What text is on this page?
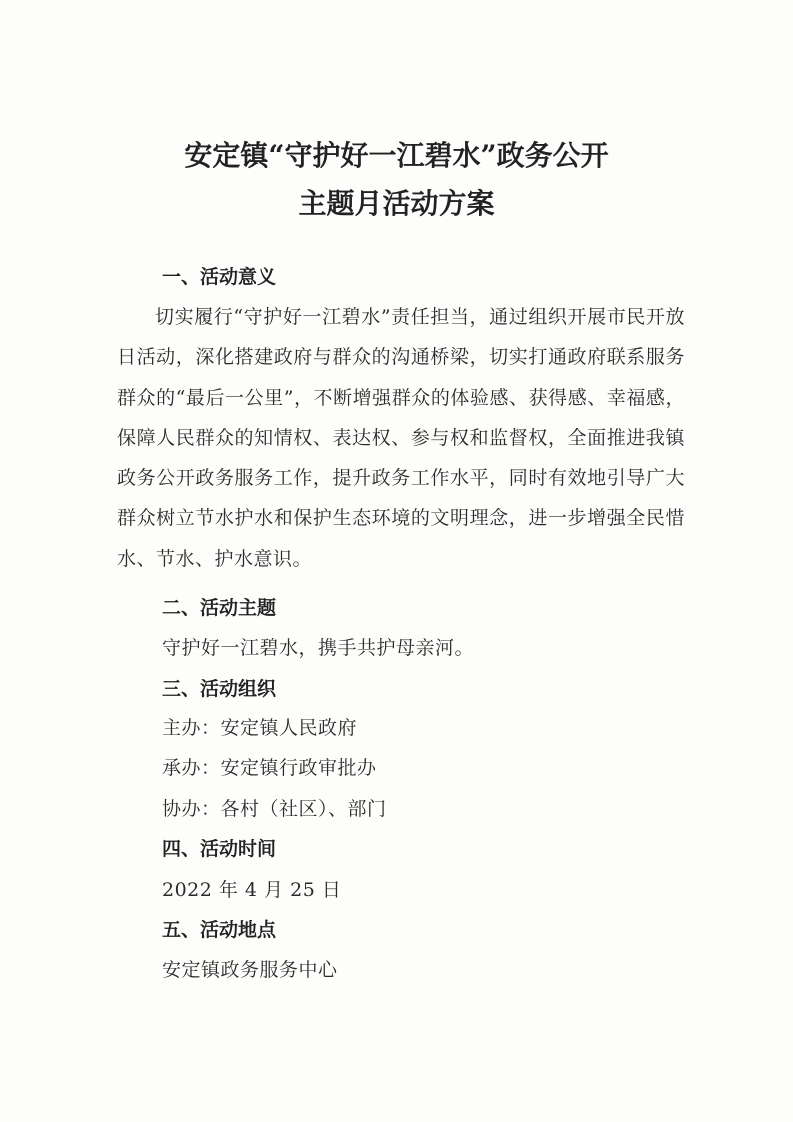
安定镇“守护好一江碧水”政务公开
主题月活动方案
一、活动意义
切实履行“守护好一江碧水”责任担当，通过组织开展市民开放日活动，深化搭建政府与群众的沟通桥梁，切实打通政府联系服务群众的“最后一公里”，不断增强群众的体验感、获得感、幸福感，保障人民群众的知情权、表达权、参与权和监督权，全面推进我镇政务公开政务服务工作，提升政务工作水平，同时有效地引导广大群众树立节水护水和保护生态环境的文明理念，进一步增强全民惜水、节水、护水意识。
二、活动主题
守护好一江碧水，携手共护母亲河。
三、活动组织
主办：安定镇人民政府
承办：安定镇行政审批办
协办：各村（社区）、部门
四、活动时间
2022 年 4 月 25 日
五、活动地点
安定镇政务服务中心
